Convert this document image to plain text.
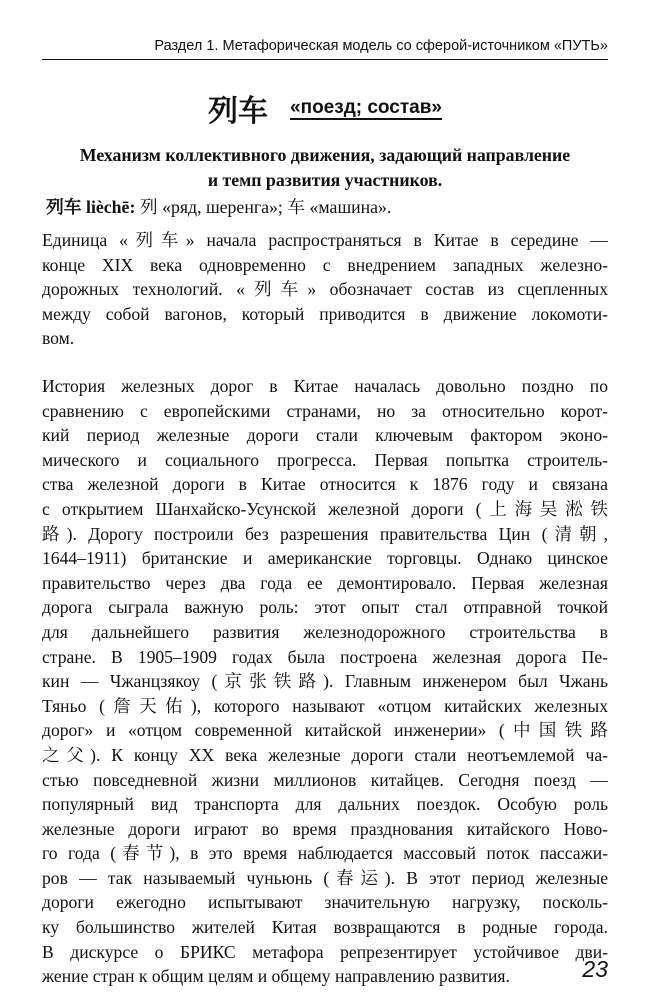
Раздел 1. Метафорическая модель со сферой-источником «ПУТЬ»
列车 «поезд; состав»
Механизм коллективного движения, задающий направление
и темп развития участников.
列车 lièchē: 列 «ряд, шеренга»; 车 «машина».
Единица «列车» начала распространяться в Китае в середине —
конце XIX века одновременно с внедрением западных железно-
дорожных технологий. «列车» обозначает состав из сцепленных
между собой вагонов, который приводится в движение локомоти-
вом.
История железных дорог в Китае началась довольно поздно по
сравнению с европейскими странами, но за относительно корот-
кий период железные дороги стали ключевым фактором эконо-
мического и социального прогресса. Первая попытка строитель-
ства железной дороги в Китае относится к 1876 году и связана
с открытием Шанхайско-Усунской железной дороги (上海吴淞铁
路). Дорогу построили без разрешения правительства Цин (清朝,
1644–1911) британские и американские торговцы. Однако цинское
правительство через два года ее демонтировало. Первая железная
дорога сыграла важную роль: этот опыт стал отправной точкой
для дальнейшего развития железнодорожного строительства в
стране. В 1905–1909 годах была построена железная дорога Пе-
кин — Чжанцзякоу (京张铁路). Главным инженером был Чжань
Тяньо (詹天佑), которого называют «отцом китайских железных
дорог» и «отцом современной китайской инженерии» (中国铁路
之父). К концу XX века железные дороги стали неотъемлемой ча-
стью повседневной жизни миллионов китайцев. Сегодня поезд —
популярный вид транспорта для дальних поездок. Особую роль
железные дороги играют во время празднования китайского Ново-
го года (春节), в это время наблюдается массовый поток пассажи-
ров — так называемый чуньюнь (春运). В этот период железные
дороги ежегодно испытывают значительную нагрузку, посколь-
ку большинство жителей Китая возвращаются в родные города.
В дискурсе о БРИКС метафора репрезентирует устойчивое дви-
жение стран к общим целям и общему направлению развития.	23
